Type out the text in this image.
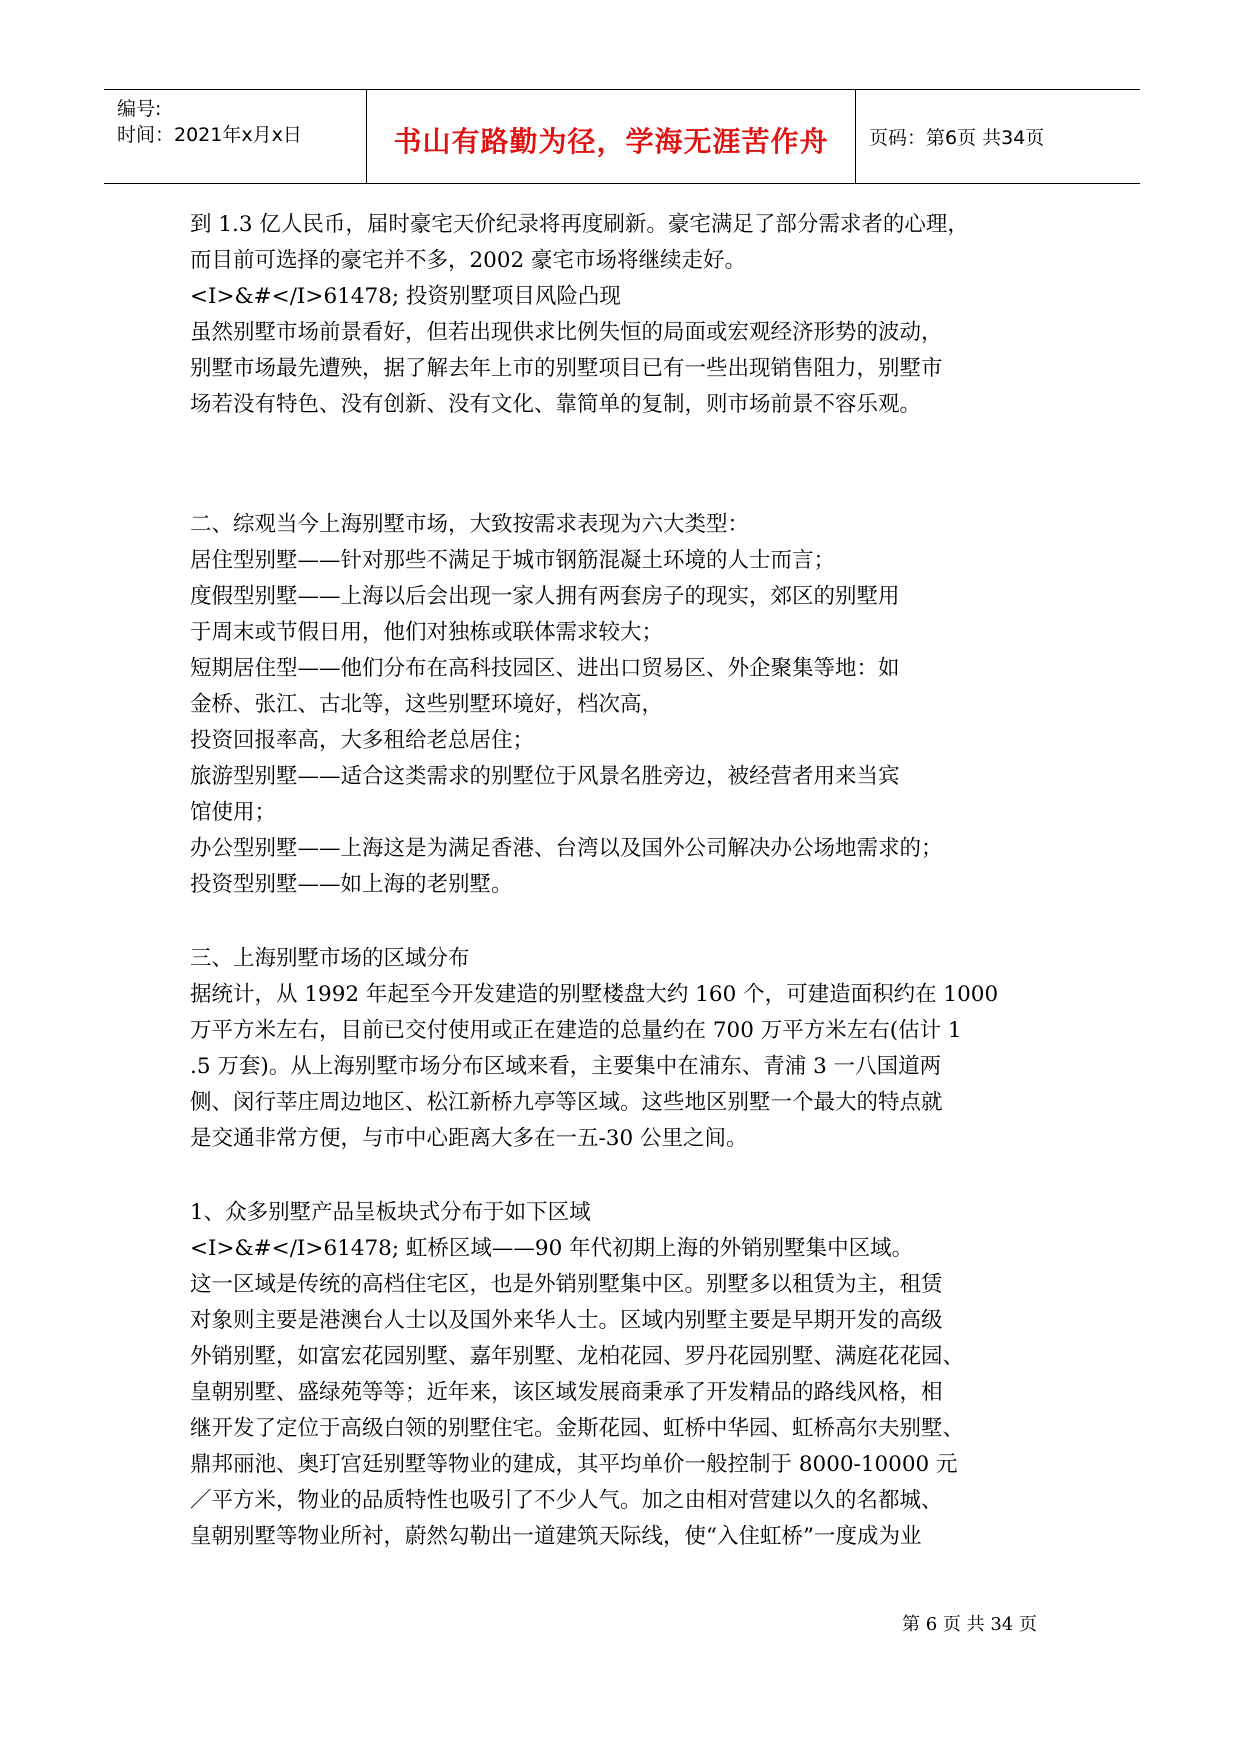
编号:
时间：2021年x月x日	书山有路勤为径，学海无涯苦作舟	页码：第6页 共34页
到 1.3 亿人民币，届时豪宅天价纪录将再度刷新。豪宅满足了部分需求者的心理，
而目前可选择的豪宅并不多，2002 豪宅市场将继续走好。
<I>&#</I>61478; 投资别墅项目风险凸现
虽然别墅市场前景看好，但若出现供求比例失恒的局面或宏观经济形势的波动，
别墅市场最先遭殃，据了解去年上市的别墅项目已有一些出现销售阻力，别墅市
场若没有特色、没有创新、没有文化、靠简单的复制，则市场前景不容乐观。
二、综观当今上海别墅市场，大致按需求表现为六大类型：
居住型别墅——针对那些不满足于城市钢筋混凝土环境的人士而言；
度假型别墅——上海以后会出现一家人拥有两套房子的现实，郊区的别墅用
于周末或节假日用，他们对独栋或联体需求较大；
短期居住型——他们分布在高科技园区、进出口贸易区、外企聚集等地：如
金桥、张江、古北等，这些别墅环境好，档次高，
投资回报率高，大多租给老总居住；
旅游型别墅——适合这类需求的别墅位于风景名胜旁边，被经营者用来当宾
馆使用；
办公型别墅——上海这是为满足香港、台湾以及国外公司解决办公场地需求的；
投资型别墅——如上海的老别墅。
三、上海别墅市场的区域分布
据统计，从 1992 年起至今开发建造的别墅楼盘大约 160 个，可建造面积约在 1000
万平方米左右，目前已交付使用或正在建造的总量约在 700 万平方米左右(估计 1
.5 万套)。从上海别墅市场分布区域来看，主要集中在浦东、青浦 3 一八国道两
侧、闵行莘庄周边地区、松江新桥九亭等区域。这些地区别墅一个最大的特点就
是交通非常方便，与市中心距离大多在一五-30 公里之间。
1、众多别墅产品呈板块式分布于如下区域
<I>&#</I>61478; 虹桥区域——90 年代初期上海的外销别墅集中区域。
这一区域是传统的高档住宅区，也是外销别墅集中区。别墅多以租赁为主，租赁
对象则主要是港澳台人士以及国外来华人士。区域内别墅主要是早期开发的高级
外销别墅，如富宏花园别墅、嘉年别墅、龙柏花园、罗丹花园别墅、满庭花花园、
皇朝别墅、盛绿苑等等；近年来，该区域发展商秉承了开发精品的路线风格，相
继开发了定位于高级白领的别墅住宅。金斯花园、虹桥中华园、虹桥高尔夫别墅、
鼎邦丽池、奥玎宫廷别墅等物业的建成，其平均单价一般控制于 8000-10000 元
／平方米，物业的品质特性也吸引了不少人气。加之由相对营建以久的名都城、
皇朝别墅等物业所衬，蔚然勾勒出一道建筑天际线，使“入住虹桥”一度成为业
第 6 页 共 34 页
